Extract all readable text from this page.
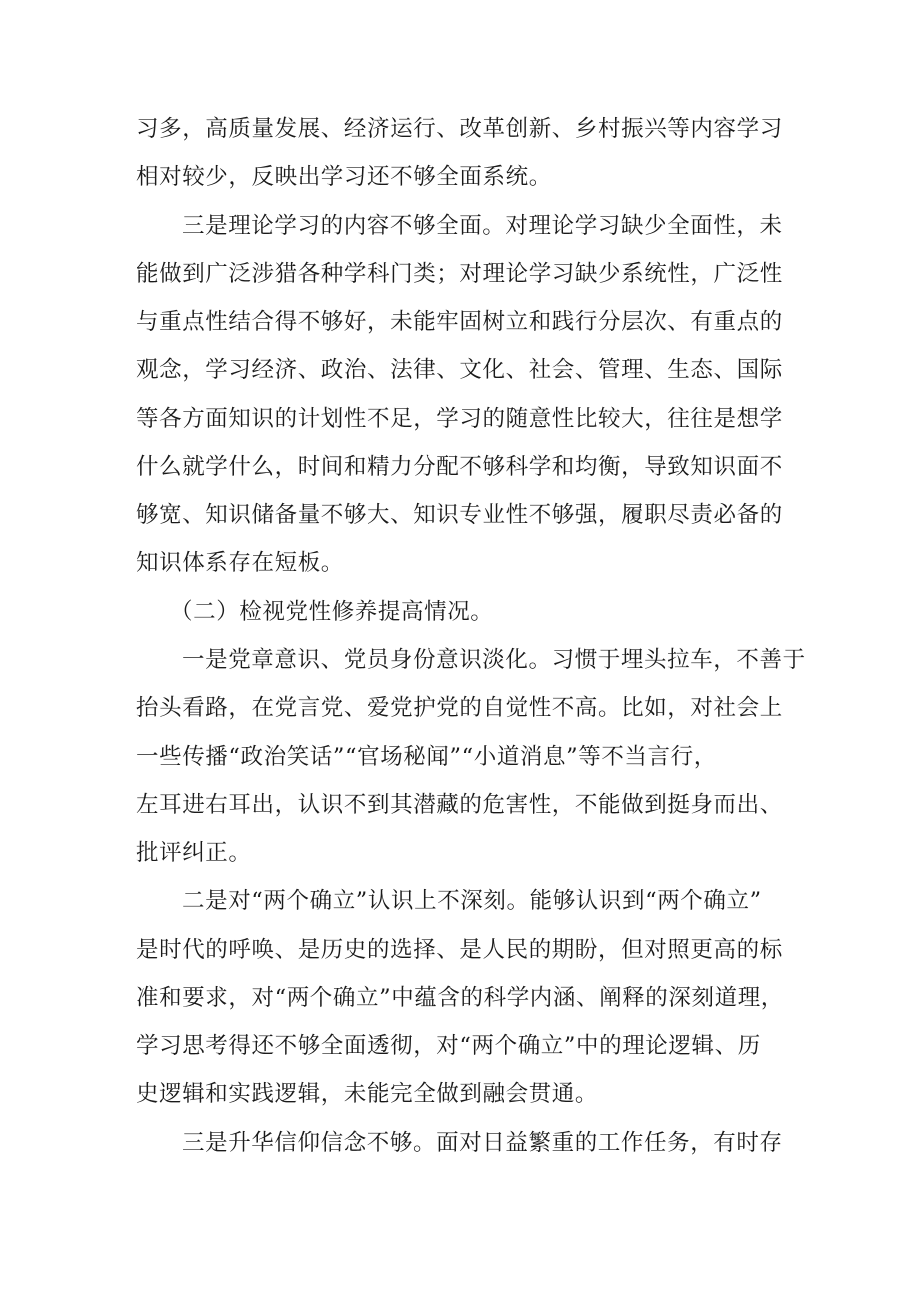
习多，高质量发展、经济运行、改革创新、乡村振兴等内容学习

相对较少，反映出学习还不够全面系统。

三是理论学习的内容不够全面。对理论学习缺少全面性，未

能做到广泛涉猎各种学科门类；对理论学习缺少系统性，广泛性

与重点性结合得不够好，未能牢固树立和践行分层次、有重点的

观念，学习经济、政治、法律、文化、社会、管理、生态、国际

等各方面知识的计划性不足，学习的随意性比较大，往往是想学

什么就学什么，时间和精力分配不够科学和均衡，导致知识面不

够宽、知识储备量不够大、知识专业性不够强，履职尽责必备的

知识体系存在短板。

（二）检视党性修养提高情况。

一是党章意识、党员身份意识淡化。习惯于埋头拉车，不善于

抬头看路，在党言党、爱党护党的自觉性不高。比如，对社会上

一些传播“政治笑话”“官场秘闻”“小道消息”等不当言行，

左耳进右耳出，认识不到其潜藏的危害性，不能做到挺身而出、

批评纠正。

二是对“两个确立”认识上不深刻。能够认识到“两个确立”

是时代的呼唤、是历史的选择、是人民的期盼，但对照更高的标

准和要求，对“两个确立”中蕴含的科学内涵、阐释的深刻道理，

学习思考得还不够全面透彻，对“两个确立”中的理论逻辑、历

史逻辑和实践逻辑，未能完全做到融会贯通。

三是升华信仰信念不够。面对日益繁重的工作任务，有时存
